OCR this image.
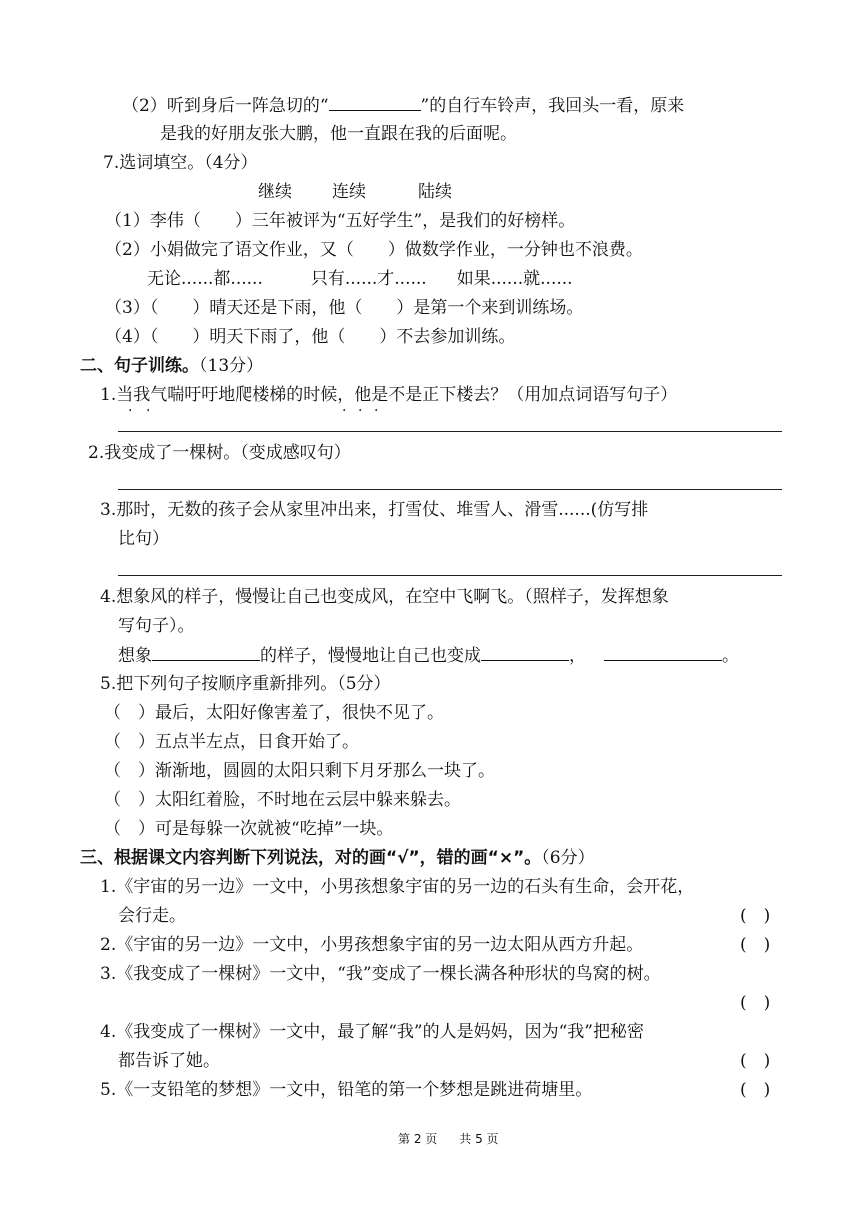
（2）听到身后一阵急切的“	”的自行车铃声，我回头一看，原来
是我的好朋友张大鹏，他一直跟在我的后面呢。
7.选词填空。（4分）
继续 连续	陆续
（1）李伟（　　）三年被评为“五好学生”，是我们的好榜样。
（2）小娟做完了语文作业，又（　　）做数学作业，一分钟也不浪费。
无论......都......	只有......才...... 如果......就......
（3）（　　）晴天还是下雨，他（　　）是第一个来到训练场。
（4）（　　）明天下雨了，他（　　）不去参加训练。
二、句子训练。（13分）
1.当我气喘吁吁地爬楼梯的时候，他是不是正下楼去？（用加点词语写句子）
· ·	· · ·
2.我变成了一棵树。（变成感叹句）
3.那时，无数的孩子会从家里冲出来，打雪仗、堆雪人、滑雪......(仿写排
比句）
4.想象风的样子，慢慢让自己也变成风，在空中飞啊飞。（照样子，发挥想象
写句子）。
想象	的样子，慢慢地让自己也变成	，	。
5.把下列句子按顺序重新排列。（5分）
（　）最后，太阳好像害羞了，很快不见了。
（　）五点半左点，日食开始了。
（　）渐渐地，圆圆的太阳只剩下月牙那么一块了。
（　）太阳红着脸，不时地在云层中躲来躲去。
（　）可是每躲一次就被“吃掉”一块。
三、根据课文内容判断下列说法，对的画“√”，错的画“×”。（6分）
1.《宇宙的另一边》一文中，小男孩想象宇宙的另一边的石头有生命，会开花，
会行走。	(　)
2.《宇宙的另一边》一文中，小男孩想象宇宙的另一边太阳从西方升起。	(　)
3.《我变成了一棵树》一文中，“我”变成了一棵长满各种形状的鸟窝的树。
(　)
4.《我变成了一棵树》一文中，最了解“我”的人是妈妈，因为“我”把秘密
都告诉了她。	(　)
5.《一支铅笔的梦想》一文中，铅笔的第一个梦想是跳进荷塘里。	(　)
第 2 页 共 5 页
